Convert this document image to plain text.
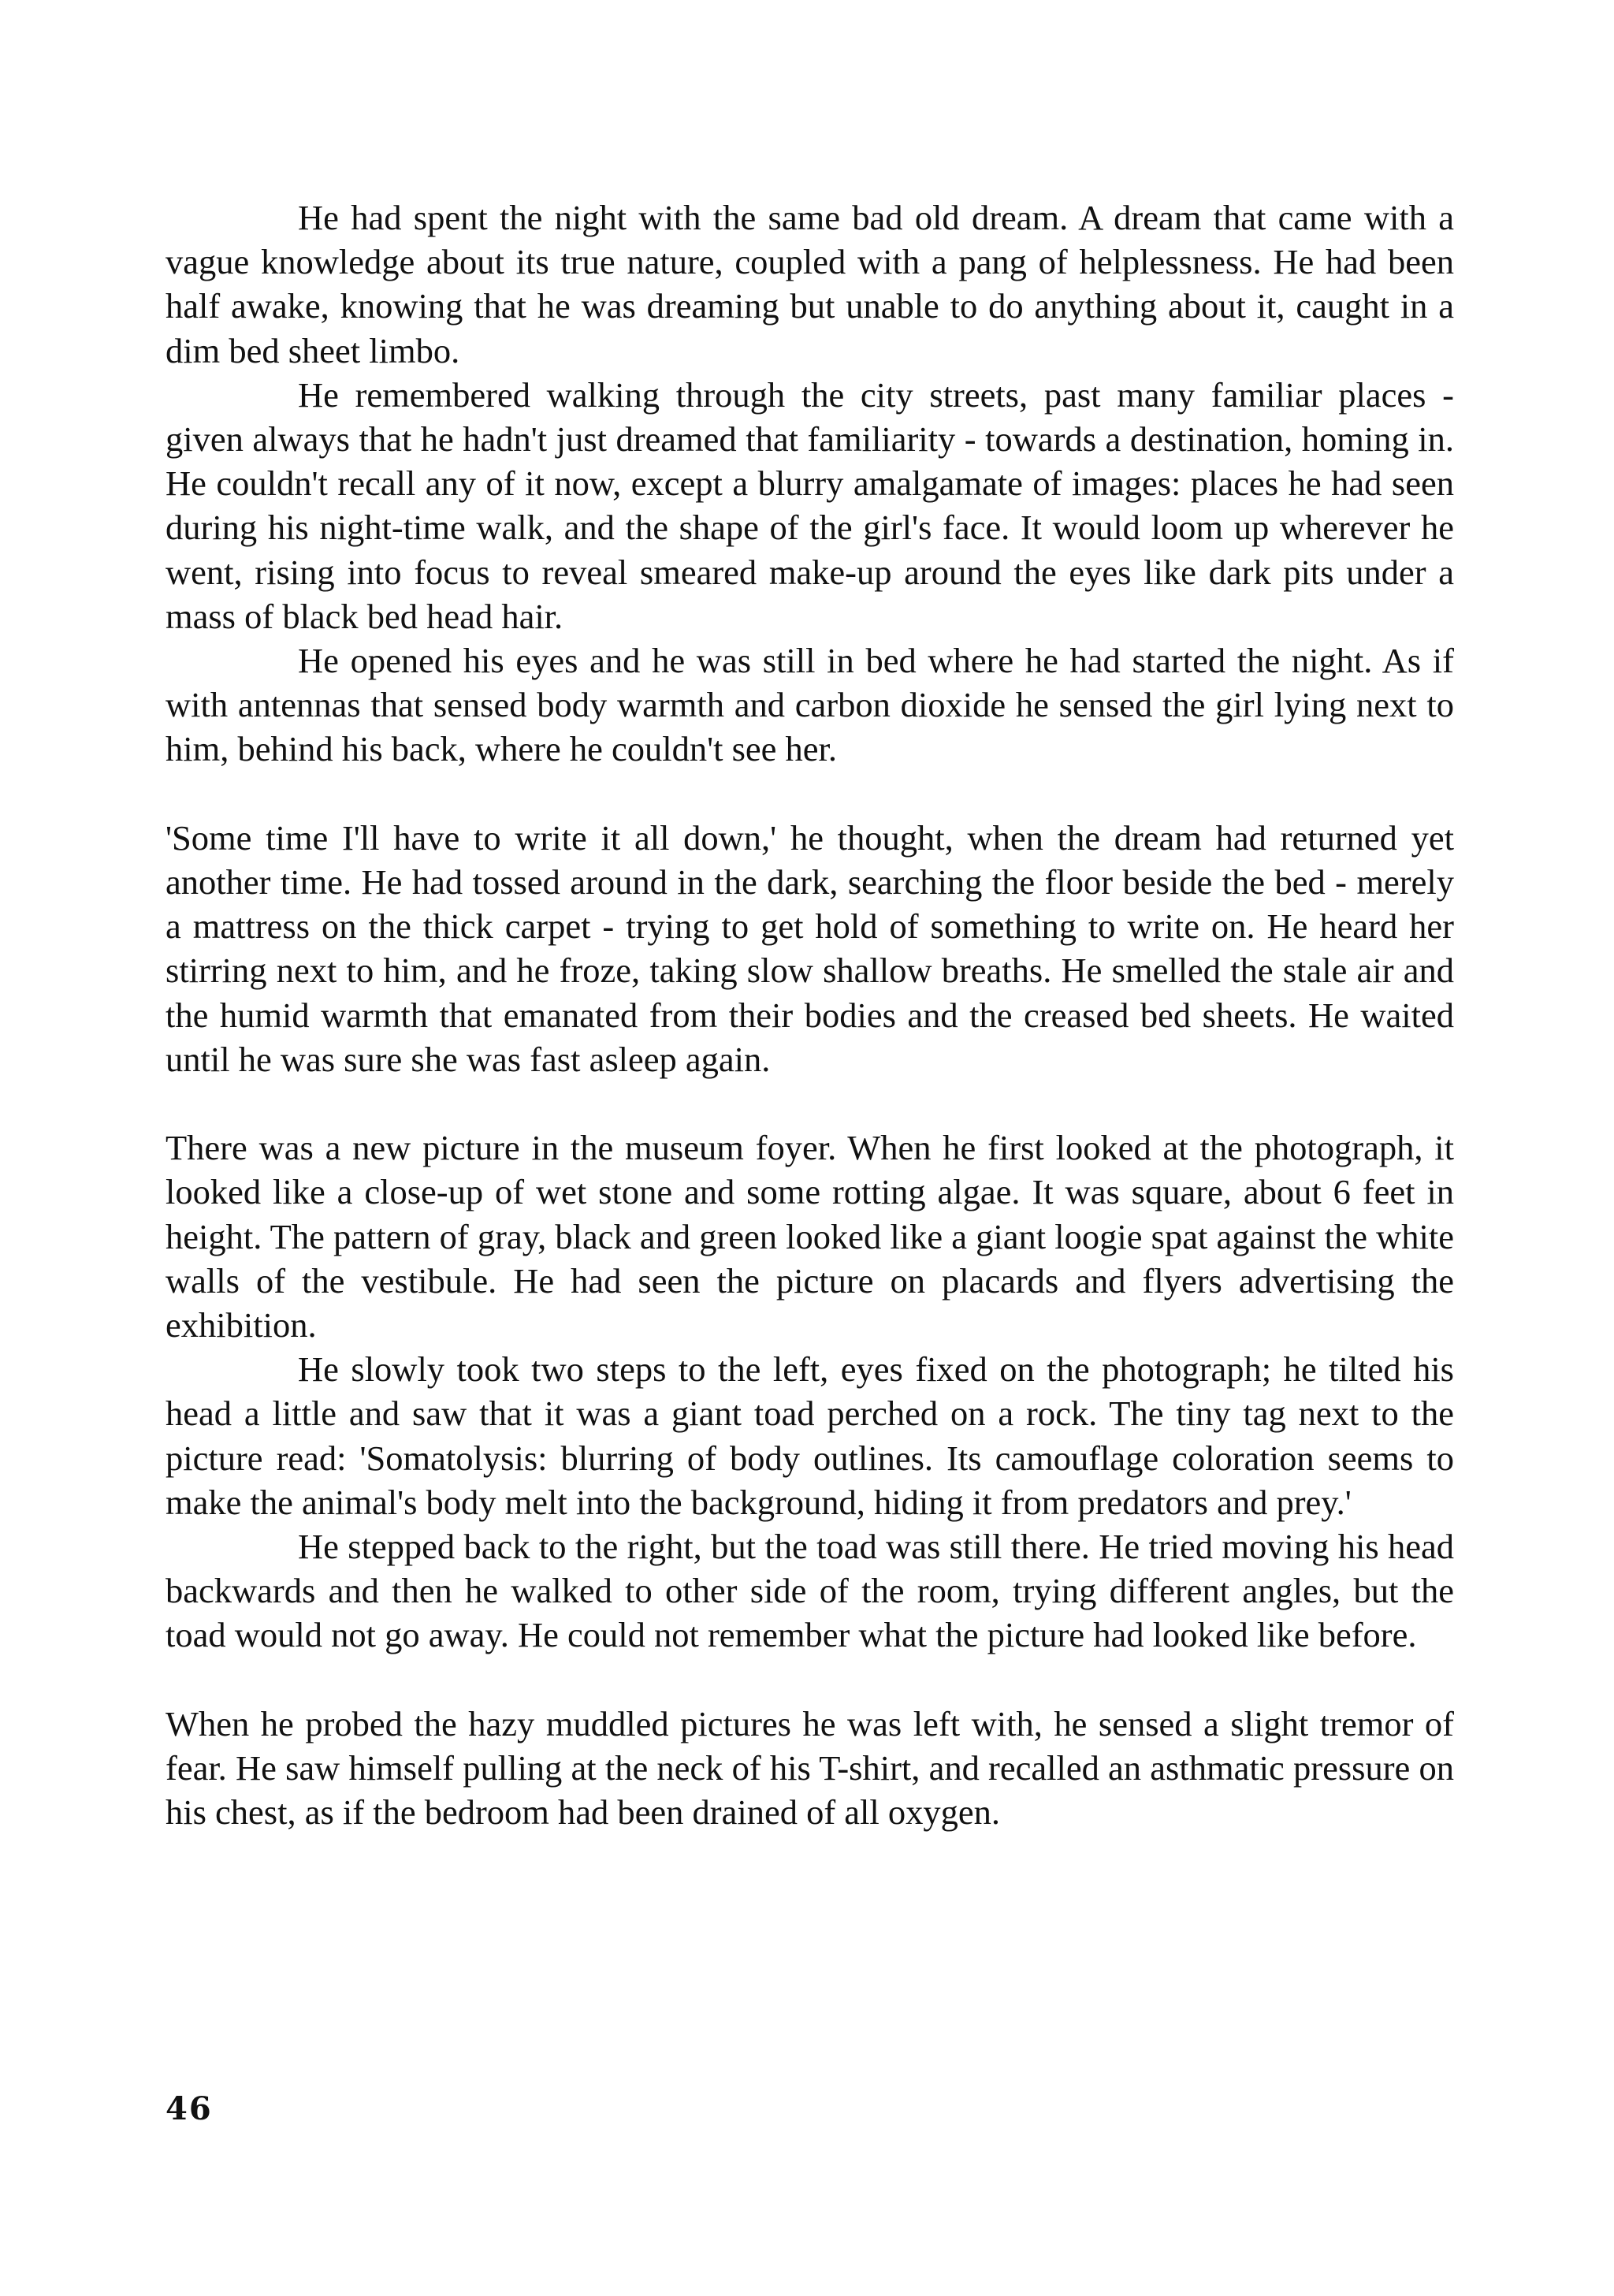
He had spent the night with the same bad old dream. A dream that came with a vague knowledge about its true nature, coupled with a pang of helplessness. He had been half awake, knowing that he was dreaming but unable to do anything about it, caught in a dim bed sheet limbo.

He remembered walking through the city streets, past many familiar places - given always that he hadn't just dreamed that familiarity - towards a destination, homing in. He couldn't recall any of it now, except a blurry amalgamate of images: places he had seen during his night-time walk, and the shape of the girl's face. It would loom up wherever he went, rising into focus to reveal smeared make-up around the eyes like dark pits under a mass of black bed head hair.

He opened his eyes and he was still in bed where he had started the night. As if with antennas that sensed body warmth and carbon dioxide he sensed the girl lying next to him, behind his back, where he couldn't see her.

'Some time I'll have to write it all down,' he thought, when the dream had returned yet another time. He had tossed around in the dark, searching the floor beside the bed - merely a mattress on the thick carpet - trying to get hold of something to write on. He heard her stirring next to him, and he froze, taking slow shallow breaths. He smelled the stale air and the humid warmth that emanated from their bodies and the creased bed sheets. He waited until he was sure she was fast asleep again.

There was a new picture in the museum foyer. When he first looked at the photograph, it looked like a close-up of wet stone and some rotting algae. It was square, about 6 feet in height. The pattern of gray, black and green looked like a giant loogie spat against the white walls of the vestibule. He had seen the picture on placards and flyers advertising the exhibition.

He slowly took two steps to the left, eyes fixed on the photograph; he tilted his head a little and saw that it was a giant toad perched on a rock. The tiny tag next to the picture read: 'Somatolysis: blurring of body outlines. Its camouflage coloration seems to make the animal's body melt into the background, hiding it from predators and prey.'

He stepped back to the right, but the toad was still there. He tried moving his head backwards and then he walked to other side of the room, trying different angles, but the toad would not go away. He could not remember what the picture had looked like before.

When he probed the hazy muddled pictures he was left with, he sensed a slight tremor of fear. He saw himself pulling at the neck of his T-shirt, and recalled an asthmatic pressure on his chest, as if the bedroom had been drained of all oxygen.

46
